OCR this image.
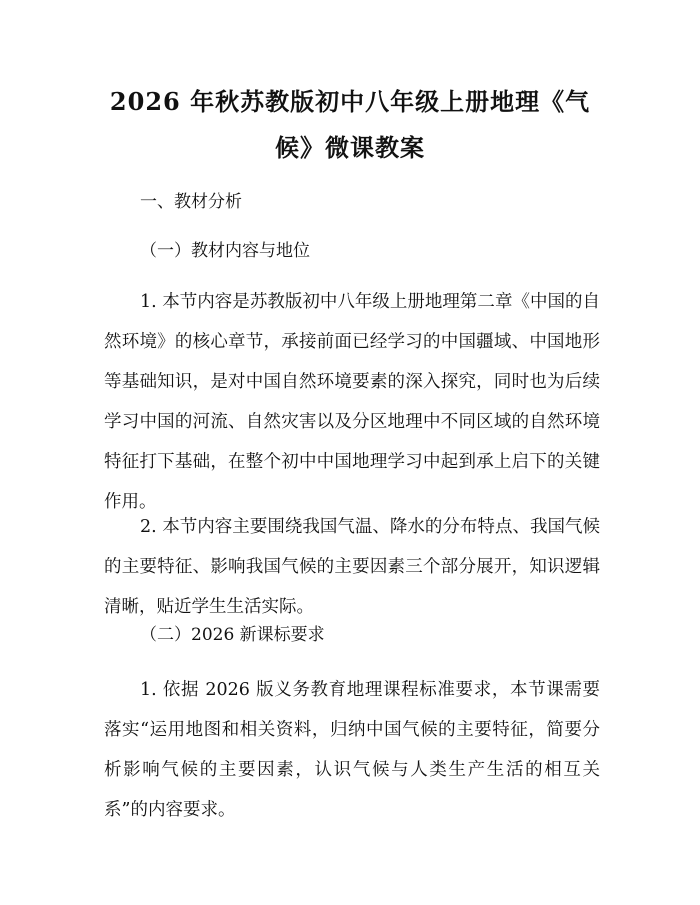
2026 年秋苏教版初中八年级上册地理《气
候》微课教案

一、教材分析

（一）教材内容与地位

1. 本节内容是苏教版初中八年级上册地理第二章《中国的自然环境》的核心章节，承接前面已经学习的中国疆域、中国地形等基础知识，是对中国自然环境要素的深入探究，同时也为后续学习中国的河流、自然灾害以及分区地理中不同区域的自然环境特征打下基础，在整个初中中国地理学习中起到承上启下的关键作用。

2. 本节内容主要围绕我国气温、降水的分布特点、我国气候的主要特征、影响我国气候的主要因素三个部分展开，知识逻辑清晰，贴近学生生活实际。

（二）2026 新课标要求

1. 依据 2026 版义务教育地理课程标准要求，本节课需要落实“运用地图和相关资料，归纳中国气候的主要特征，简要分析影响气候的主要因素，认识气候与人类生产生活的相互关系”的内容要求。
